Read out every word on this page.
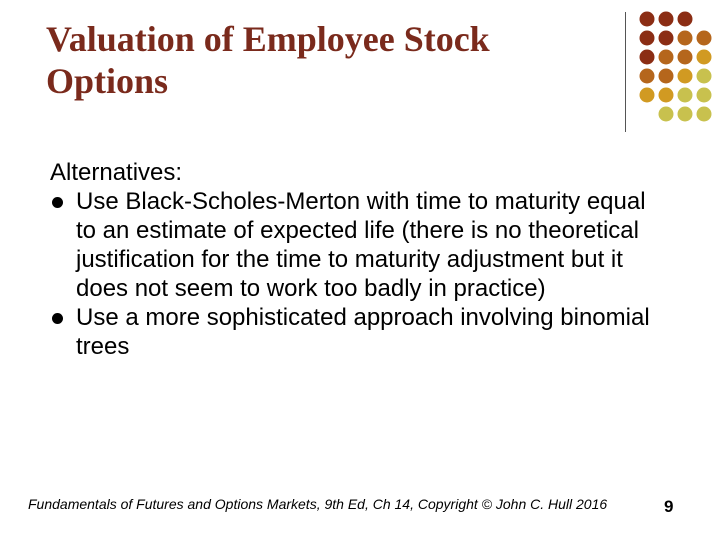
Valuation of Employee Stock Options
Alternatives:
Use Black-Scholes-Merton with time to maturity equal to an estimate of expected life (there is no theoretical justification for the time to maturity adjustment but it does not seem to work too badly in practice)
Use a more sophisticated approach involving binomial trees
Fundamentals of Futures and Options Markets, 9th Ed, Ch 14, Copyright © John C. Hull 2016	9
